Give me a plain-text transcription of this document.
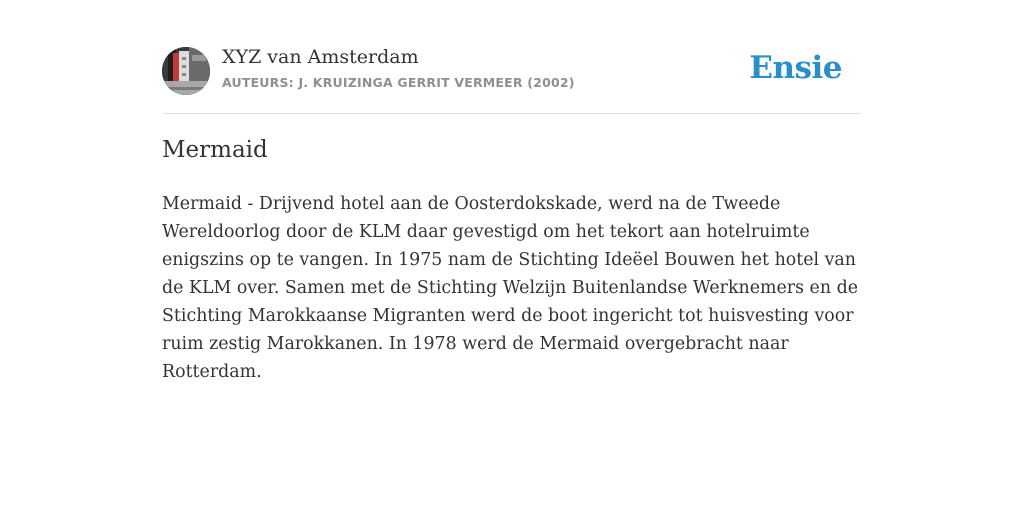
XYZ van Amsterdam
AUTEURS: J. KRUIZINGA GERRIT VERMEER (2002)	Ensie
Mermaid

Mermaid - Drijvend hotel aan de Oosterdokskade, werd na de Tweede Wereldoorlog door de KLM daar gevestigd om het tekort aan hotelruimte enigszins op te vangen. In 1975 nam de Stichting Ideëel Bouwen het hotel van de KLM over. Samen met de Stichting Welzijn Buitenlandse Werknemers en de Stichting Marokkaanse Migranten werd de boot ingericht tot huisvesting voor ruim zestig Marokkanen. In 1978 werd de Mermaid overgebracht naar Rotterdam.
